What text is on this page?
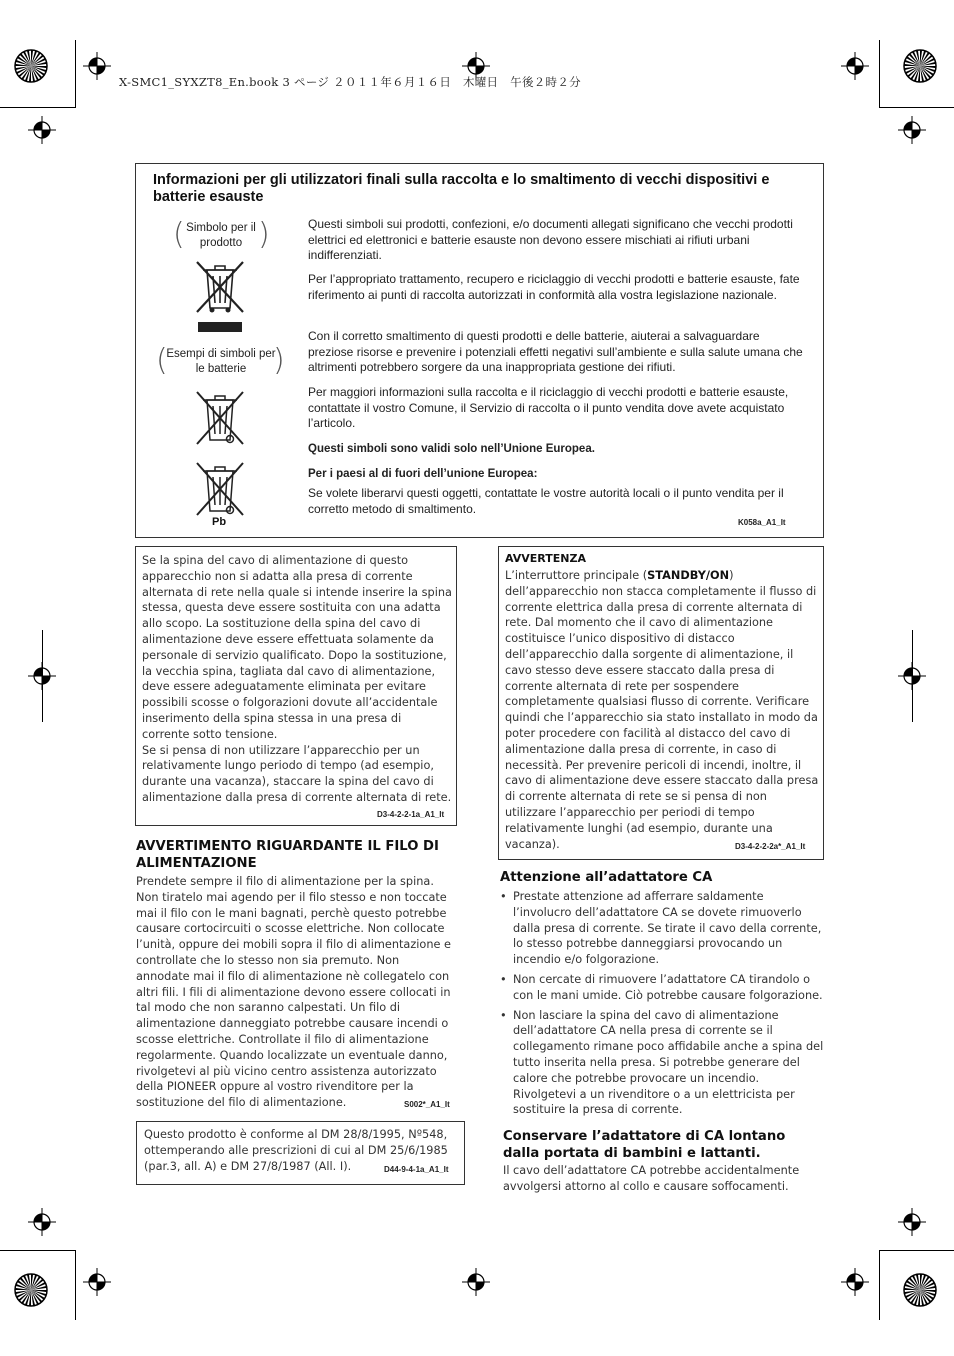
X-SMC1_SYXZT8_En.book 3 ページ ２０１１年６月１６日　木曜日　午後２時２分
Informazioni per gli utilizzatori finali sulla raccolta e lo smaltimento di vecchi dispositivi e batterie esauste
( Simbolo per il prodotto )
(
Esempi di simboli per le batterie )
Pb

Questi simboli sui prodotti, confezioni, e/o documenti allegati significano che vecchi prodotti elettrici ed elettronici e batterie esauste non devono essere mischiati ai rifiuti urbani indifferenziati.

Per l’appropriato trattamento, recupero e riciclaggio di vecchi prodotti e batterie esauste, fate riferimento ai punti di raccolta autorizzati in conformità alla vostra legislazione nazionale.

Con il corretto smaltimento di questi prodotti e delle batterie, aiuterai a salvaguardare preziose risorse e prevenire i potenziali effetti negativi sull’ambiente e sulla salute umana che altrimenti potrebbero sorgere da una inappropriata gestione dei rifiuti.

Per maggiori informazioni sulla raccolta e il riciclaggio di vecchi prodotti e batterie esauste, contattate il vostro Comune, il Servizio di raccolta o il punto vendita dove avete acquistato l’articolo.

Questi simboli sono validi solo nell’Unione Europea.

Per i paesi al di fuori dell’unione Europea:

Se volete liberarvi questi oggetti, contattate le vostre autorità locali o il punto vendita per il corretto metodo di smaltimento.

K058a_A1_It
Se la spina del cavo di alimentazione di questo apparecchio non si adatta alla presa di corrente alternata di rete nella quale si intende inserire la spina stessa, questa deve essere sostituita con una adatta allo scopo. La sostituzione della spina del cavo di alimentazione deve essere effettuata solamente da personale di servizio qualificato. Dopo la sostituzione, la vecchia spina, tagliata dal cavo di alimentazione, deve essere adeguatamente eliminata per evitare possibili scosse o folgorazioni dovute all’accidentale inserimento della spina stessa in una presa di corrente sotto tensione.
Se si pensa di non utilizzare l’apparecchio per un relativamente lungo periodo di tempo (ad esempio, durante una vacanza), staccare la spina del cavo di alimentazione dalla presa di corrente alternata di rete.
D3-4-2-2-1a_A1_It
AVVERTIMENTO RIGUARDANTE IL FILO DI ALIMENTAZIONE

Prendete sempre il filo di alimentazione per la spina. Non tiratelo mai agendo per il filo stesso e non toccate mai il filo con le mani bagnati, perchè questo potrebbe causare cortocircuiti o scosse elettriche. Non collocate l’unità, oppure dei mobili sopra il filo di alimentazione e controllate che lo stesso non sia premuto. Non annodate mai il filo di alimentazione nè collegatelo con altri fili. I fili di alimentazione devono essere collocati in tal modo che non saranno calpestati. Un filo di alimentazione danneggiato potrebbe causare incendi o scosse elettriche. Controllate il filo di alimentazione regolarmente. Quando localizzate un eventuale danno, rivolgetevi al più vicino centro assistenza autorizzato della PIONEER oppure al vostro rivenditore per la sostituzione del filo di alimentazione.	S002*_A1_It

Questo prodotto è conforme al DM 28/8/1995, Nº548, ottemperando alle prescrizioni di cui al DM 25/6/1985 (par.3, all. A) e DM 27/8/1987 (All. I).	D44-9-4-1a_A1_It
AVVERTENZA

L’interruttore principale (STANDBY/ON) dell’apparecchio non stacca completamente il flusso di corrente elettrica dalla presa di corrente alternata di rete. Dal momento che il cavo di alimentazione costituisce l’unico dispositivo di distacco dell’apparecchio dalla sorgente di alimentazione, il cavo stesso deve essere staccato dalla presa di corrente alternata di rete per sospendere completamente qualsiasi flusso di corrente. Verificare quindi che l’apparecchio sia stato installato in modo da poter procedere con facilità al distacco del cavo di alimentazione dalla presa di corrente, in caso di necessità. Per prevenire pericoli di incendi, inoltre, il cavo di alimentazione deve essere staccato dalla presa di corrente alternata di rete se si pensa di non utilizzare l’apparecchio per periodi di tempo relativamente lunghi (ad esempio, durante una vacanza).	D3-4-2-2-2a*_A1_It
Attenzione all’adattatore CA
• Prestate attenzione ad afferrare saldamente l’involucro dell’adattatore CA se dovete rimuoverlo dalla presa di corrente. Se tirate il cavo della corrente, lo stesso potrebbe danneggiarsi provocando un incendio e/o folgorazione.
• Non cercate di rimuovere l’adattatore CA tirandolo o con le mani umide. Ciò potrebbe causare folgorazione.
• Non lasciare la spina del cavo di alimentazione dell’adattatore CA nella presa di corrente se il collegamento rimane poco affidabile anche a spina del tutto inserita nella presa. Si potrebbe generare del calore che potrebbe provocare un incendio. Rivolgetevi a un rivenditore o a un elettricista per sostituire la presa di corrente.
Conservare l’adattatore di CA lontano dalla portata di bambini e lattanti.

Il cavo dell’adattatore CA potrebbe accidentalmente avvolgersi attorno al collo e causare soffocamenti.
